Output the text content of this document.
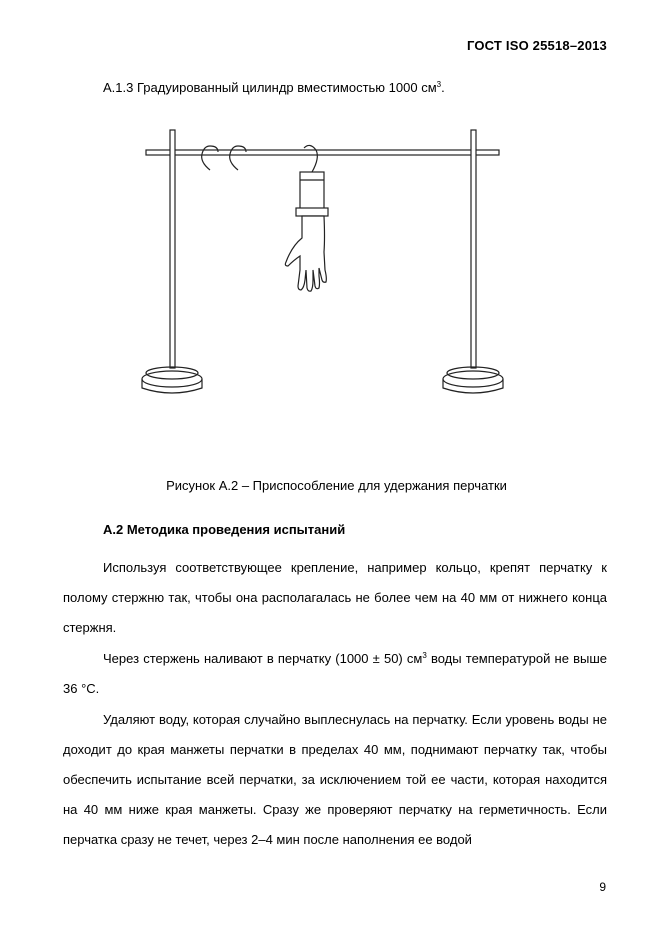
ГОСТ ISO 25518–2013
А.1.3 Градуированный цилиндр вместимостью 1000 $см^3$.
Рисунок А.2 – Приспособление для удержания перчатки
А.2 Методика проведения испытаний

Используя соответствующее крепление, например кольцо, крепят перчатку к полому стержню так, чтобы она располагалась не более чем на 40 мм от нижнего конца стержня.

Через стержень наливают в перчатку (1000 ± 50) $см^3$ воды температурой не выше 36 °С.

Удаляют воду, которая случайно выплеснулась на перчатку. Если уровень воды не доходит до края манжеты перчатки в пределах 40 мм, поднимают перчатку так, чтобы обеспечить испытание всей перчатки, за исключением той ее части, которая находится на 40 мм ниже края манжеты. Сразу же проверяют перчатку на герметичность. Если перчатка сразу не течет, через 2–4 мин после наполнения ее водой

9
